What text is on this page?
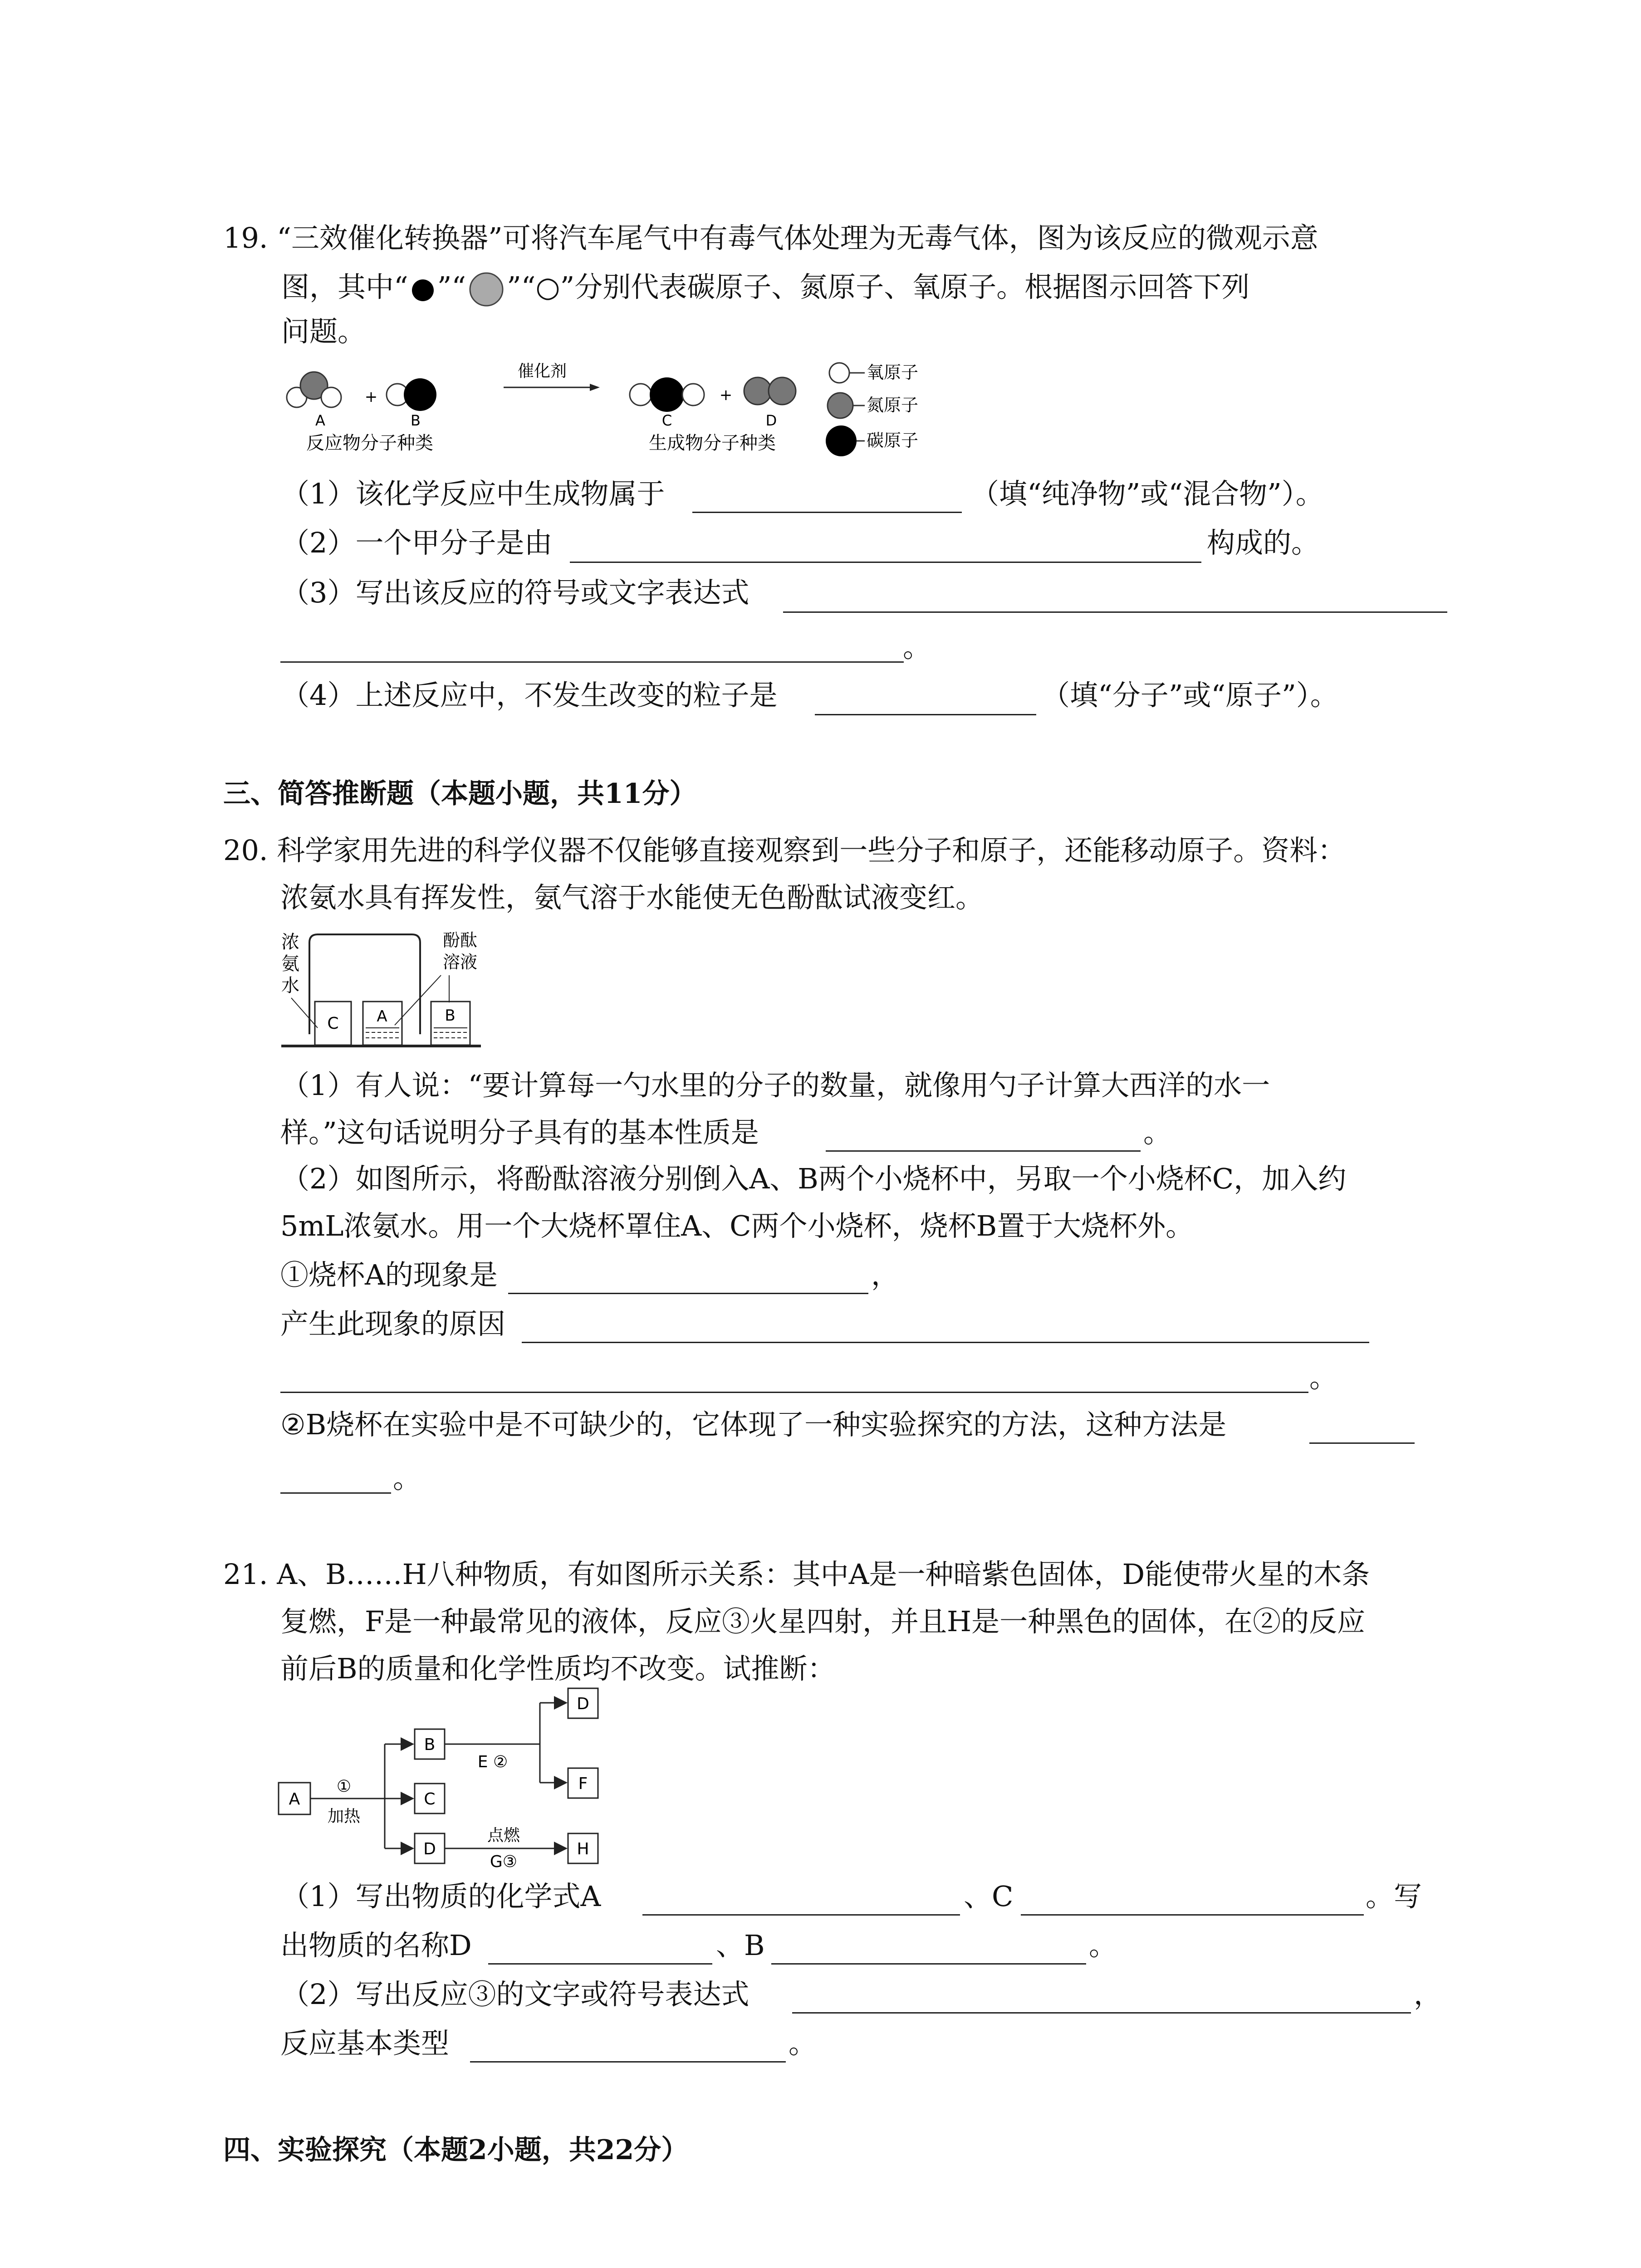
19. “三效催化转换器”可将汽车尾气中有毒气体处理为无毒气体，图为该反应的微观示意
图，其中“ ”“ ”“○”分别代表碳原子、氮原子、氧原子。根据图示回答下列
问题。
+
催化剂
+
A	B	C	D
反应物分子种类	生成物分子种类
氧原子
氮原子
碳原子
（1）该化学反应中生成物属于	（填“纯净物”或“混合物”）。
（2）一个甲分子是由	构成的。
（3）写出该反应的符号或文字表达式
。
（4）上述反应中，不发生改变的粒子是	（填“分子”或“原子”）。
三、简答推断题（本题小题，共11分）
20. 科学家用先进的科学仪器不仅能够直接观察到一些分子和原子，还能移动原子。资料：
浓氨水具有挥发性，氨气溶于水能使无色酚酞试液变红。
浓
氨
水
酚酞
溶液
C A	B
（1）有人说：“要计算每一勺水里的分子的数量，就像用勺子计算大西洋的水一
样。”这句话说明分子具有的基本性质是	。
（2）如图所示，将酚酞溶液分别倒入A、B两个小烧杯中，另取一个小烧杯C，加入约
5mL浓氨水。用一个大烧杯罩住A、C两个小烧杯，烧杯B置于大烧杯外。
①烧杯A的现象是	，
产生此现象的原因
。
②B烧杯在实验中是不可缺少的，它体现了一种实验探究的方法，这种方法是
。
21. A、B……H八种物质，有如图所示关系：其中A是一种暗紫色固体，D能使带火星的木条
复燃，F是一种最常见的液体，反应③火星四射，并且H是一种黑色的固体，在②的反应
前后B的质量和化学性质均不改变。试推断：
A
①
加热
B
C
D
E ②
D
F
点燃
G③
H
（1）写出物质的化学式A	、C	。写
出物质的名称D	、B	。
（2）写出反应③的文字或符号表达式	，
反应基本类型	。
四、实验探究（本题2小题，共22分）
